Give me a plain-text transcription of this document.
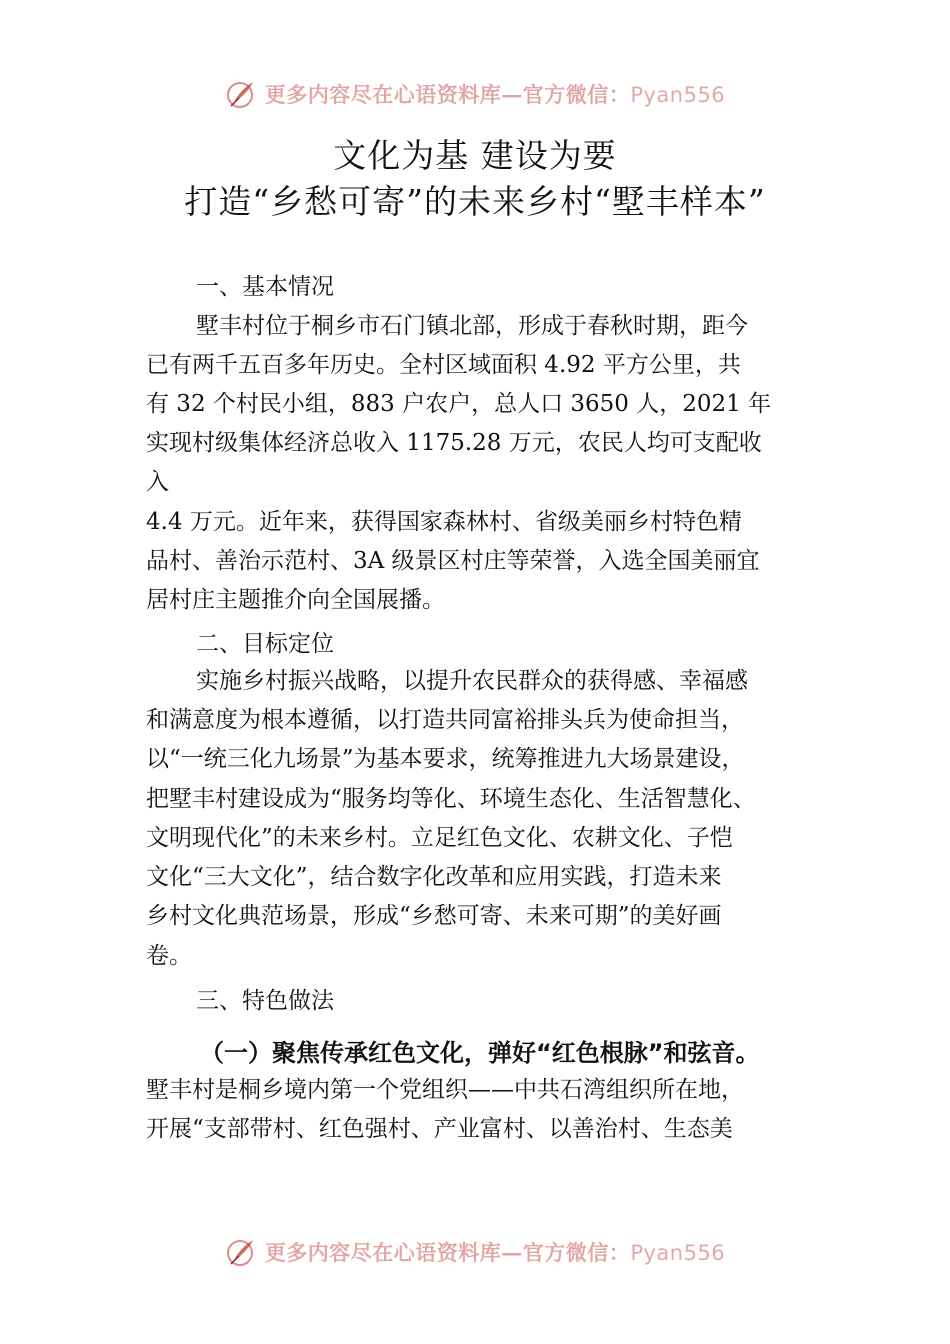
更多内容尽在心语资料库—官方微信：Pyan556
文化为基 建设为要
打造“乡愁可寄”的未来乡村“墅丰样本”
一、基本情况
墅丰村位于桐乡市石门镇北部，形成于春秋时期，距今
已有两千五百多年历史。全村区域面积 4.92 平方公里，共
有 32 个村民小组，883 户农户，总人口 3650 人，2021 年
实现村级集体经济总收入 1175.28 万元，农民人均可支配收
入
4.4 万元。近年来，获得国家森林村、省级美丽乡村特色精
品村、善治示范村、3A 级景区村庄等荣誉，入选全国美丽宜
居村庄主题推介向全国展播。
二、目标定位
实施乡村振兴战略，以提升农民群众的获得感、幸福感
和满意度为根本遵循，以打造共同富裕排头兵为使命担当，
以“一统三化九场景”为基本要求，统筹推进九大场景建设，
把墅丰村建设成为“服务均等化、环境生态化、生活智慧化、
文明现代化”的未来乡村。立足红色文化、农耕文化、子恺
文化“三大文化”，结合数字化改革和应用实践，打造未来
乡村文化典范场景，形成“乡愁可寄、未来可期”的美好画
卷。
三、特色做法
（一）聚焦传承红色文化，弹好“红色根脉”和弦音。
墅丰村是桐乡境内第一个党组织——中共石湾组织所在地，
开展“支部带村、红色强村、产业富村、以善治村、生态美
更多内容尽在心语资料库—官方微信：Pyan556
